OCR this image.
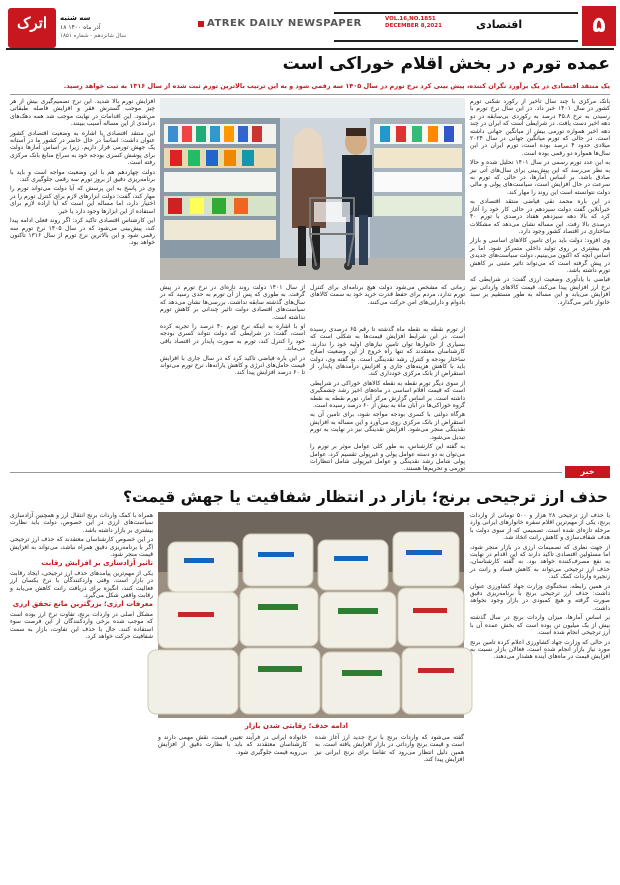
۵
اقتصادی
VOL.16,NO.1851
DECEMBER 8,2021
ATREK DAILY NEWSPAPER
اترک	سه شنبه
۱۸ آذر ماه ۱۴۰۰
سال شانزدهم - شماره ۱۸۵۱
عمده تورم در بخش اقلام خوراکی است
یک منتقد اقتصادی در یک برآورد نگران کننده، پیش بینی کرد نرخ تورم در سال ۱۴۰۵ سه رقمی شود و به این ترتیب بالاترین تورم ثبت شده از سال ۱۳۱۶ به ثبت خواهد رسید.

بانک مرکزی با چند سال تاخیر از رکورد شکنی تورم کشور در سال ۱۴۰۱ خبر داد. در این سال نرخ تورم با رسیدن به نرخ ۴۵.۸ درصد به رکوردی بی‌سابقه در دو دهه اخیر دست یافت. در شرایطی است که ایران در چند دهه اخیر همواره تورمی بیش از میانگین جهانی داشته است. در حالی که تورم میانگین جهانی در سال ۲۰۲۴ میلادی حدود ۴ درصد بوده است، تورم ایران در این سال‌ها همواره دو رقمی بوده است.

به این عدد تورم رسمی در سال ۱۴۰۱ تحلیل شده و حالا به نظر می‌رسد که این پیش‌بینی برای سال‌های آتی نیز صادق باشد. بر اساس آمارها، در حالی که تورم به سرعت در حال افزایش است، سیاست‌های پولی و مالی دولت نتوانسته است این روند را مهار کند.

در این باره محمد نقی فیاضی منتقد اقتصادی به خبرآنلاین گفت دولت سیزدهم در حالی کار خود را آغاز کرد که بالا دهه سیزدهم هفتاد درصدی با تورم ۴۰ درصدی بالا رفت. این مساله نشان می‌دهد که مشکلات ساختاری در اقتصاد کشور وجود دارد.

وی افزود: دولت باید برای تامین کالاهای اساسی و بازار هم بیشتری بر روی تولید داخلی متمرکز شود. اما بر اساس آنچه که اکنون می‌بینیم، دولت سیاست‌های جدیدی در پیش گرفته است که می‌تواند تاثیر مثبتی بر کاهش تورم داشته باشد.

فیاضی با یادآوری وضعیت ارزی گفت: در شرایطی که نرخ ارز افزایش پیدا می‌کند، قیمت کالاهای وارداتی نیز افزایش می‌یابد و این مساله به طور مستقیم بر سبد خانوار تاثیر می‌گذارد.

زمانی که مشخص می‌شود دولت هیچ برنامه‌ای برای کنترل تورم ندارد، مردم برای حفظ قدرت خرید خود به سمت کالاهای بادوام و دارایی‌های امن حرکت می‌کنند.

از سال ۱۴۰۱ دولت روند تازه‌ای در نرخ تورم در پیش گرفت. به طوری که پس از آن تورم به حدی رسید که در سال‌های گذشته سابقه نداشت. بررسی‌ها نشان می‌دهد که سیاست‌های اقتصادی دولت تاثیر چندانی بر کاهش تورم نداشته است.

او با اشاره به اینکه نرخ تورم ۴۰ درصد را تجربه کرده است، گفت: در شرایطی که دولت نتواند کسری بودجه خود را کنترل کند، تورم به صورت پایدار در اقتصاد باقی می‌ماند.

در این باره فیاضی تاکید کرد که در سال جاری با افزایش قیمت حامل‌های انرژی و کاهش یارانه‌ها، نرخ تورم می‌تواند تا ۶۰ درصد افزایش پیدا کند.

از تورم نقطه به نقطه ماه گذشته تا رقم ۶۵ درصدی رسیده است. در این شرایط افزایش قیمت‌ها به شکلی است که بسیاری از خانوارها توان تامین نیازهای اولیه خود را ندارند. کارشناسان معتقدند که تنها راه خروج از این وضعیت اصلاح ساختار بودجه و کنترل رشد نقدینگی است. به گفته وی، دولت باید با کاهش هزینه‌های جاری و افزایش درآمدهای پایدار، از استقراض از بانک مرکزی خودداری کند.

از سوی دیگر تورم نقطه به نقطه کالاهای خوراکی در شرایطی است که قیمت اقلام اساسی در ماه‌های اخیر رشد چشمگیری داشته است. بر اساس گزارش مرکز آمار، تورم نقطه به نقطه گروه خوراکی‌ها در آبان ماه به بیش از ۶۰ درصد رسیده است.

هرگاه دولتی با کسری بودجه مواجه شود، برای تامین آن به استقراض از بانک مرکزی روی می‌آورد و این مساله به افزایش نقدینگی منجر می‌شود. افزایش نقدینگی نیز در نهایت به تورم تبدیل می‌شود.

به گفته این کارشناس، به طور کلی عوامل موثر بر تورم را می‌توان به دو دسته عوامل پولی و غیرپولی تقسیم کرد. عوامل پولی شامل رشد نقدینگی و عوامل غیرپولی شامل انتظارات تورمی و تحریم‌ها هستند.

افزایش تورم بالا شدید. این نرخ تصمیم‌گیری بیش از هر چیز موجب گسترش فقر و افزایش فاصله طبقاتی می‌شود. این اقدامات در نهایت موجب شد همه دهک‌های درآمدی از این مساله آسیب ببینند.

این منتقد اقتصادی با اشاره به وضعیت اقتصادی کشور عنوان داشت: اساساً در حال حاضر در کشور ما در آستانه یک جهش تورمی قرار داریم. زیرا بر اساس آمارها دولت برای پوشش کسری بودجه خود به سراغ منابع بانک مرکزی رفته است.

دولت چهاردهم هم با این وضعیت مواجه است و باید با برنامه‌ریزی دقیق از بروز تورم سه رقمی جلوگیری کند.

وی در پاسخ به این پرسش که آیا دولت می‌تواند تورم را مهار کند، گفت: دولت ابزارهای لازم برای کنترل تورم را در اختیار دارد، اما مساله این است که آیا اراده لازم برای استفاده از این ابزارها وجود دارد یا خیر.

این کارشناس اقتصادی تاکید کرد: اگر روند فعلی ادامه پیدا کند، پیش‌بینی می‌شود که در سال ۱۴۰۵ نرخ تورم سه رقمی شود و این بالاترین نرخ تورم از سال ۱۳۱۶ تاکنون خواهد بود.

خبر
حذف ارز ترجیحی برنج؛ بازار در انتظار شفافیت یا جهش قیمت؟

با حذف ارز ترجیحی ۲۸ هزار و ۵۰۰ تومانی از واردات برنج، یکی از مهم‌ترین اقلام سفره خانوارهای ایرانی وارد مرحله تازه‌ای شده است. تصمیمی که از سوی دولت با هدف شفاف‌سازی و کاهش رانت اتخاذ شد.

از جهت نظری که تصمیمات ارزی در بازار منجر شود، اما مسئولین اقتصادی تاکید دارند که این اقدام در نهایت به نفع مصرف‌کننده خواهد بود. به گفته کارشناسان، حذف ارز ترجیحی می‌تواند به کاهش فساد و رانت در زنجیره واردات کمک کند.

در همین رابطه، سخنگوی وزارت جهاد کشاورزی عنوان داشت: حذف ارز ترجیحی برنج با برنامه‌ریزی دقیق صورت گرفته و هیچ کمبودی در بازار وجود نخواهد داشت.

بر اساس آمارها، میزان واردات برنج در سال گذشته بیش از یک میلیون تن بوده است که بخش عمده آن با ارز ترجیحی انجام شده است.

در حالی که وزارت جهاد کشاورزی اعلام کرده تامین برنج مورد نیاز بازار انجام شده است، فعالان بازار نسبت به افزایش قیمت در ماه‌های آینده هشدار می‌دهند.

ادامه حذف؛ رقابتی شدن بازار

گفته می‌شود که واردات برنج با نرخ جدید ارز آغاز شده است و قیمت برنج وارداتی در بازار افزایش یافته است. به همین دلیل انتظار می‌رود که تقاضا برای برنج ایرانی نیز افزایش پیدا کند.

خانواده ایرانی در فرآیند تعیین قیمت، نقش مهمی دارند و کارشناسان معتقدند که باید با نظارت دقیق از افزایش بی‌رویه قیمت جلوگیری شود.

همراه با کمک واردات برنج انتقال ارز و همچنین آزادسازی سیاست‌های ارزی در این خصوص، دولت باید نظارت بیشتری بر بازار داشته باشد.

در این خصوص کارشناسان معتقدند که حذف ارز ترجیحی اگر با برنامه‌ریزی دقیق همراه نباشد، می‌تواند به افزایش قیمت منجر شود.

تاثیر آزادسازی بر افزایش رقابت

یکی از مهم‌ترین پیامدهای حذف ارز ترجیحی، ایجاد رقابت در بازار است. وقتی واردکنندگان با نرخ یکسان ارز فعالیت کنند، انگیزه برای دریافت رانت کاهش می‌یابد و رقابت واقعی شکل می‌گیرد.

معرفات ارزی؛ بزرگترین مانع تحقق ارزی

مشکل اصلی در واردات برنج، تفاوت نرخ ارز بوده است که موجب شده برخی واردکنندگان از این فرصت سوء استفاده کنند. حال با حذف این تفاوت، بازار به سمت شفافیت حرکت خواهد کرد.
